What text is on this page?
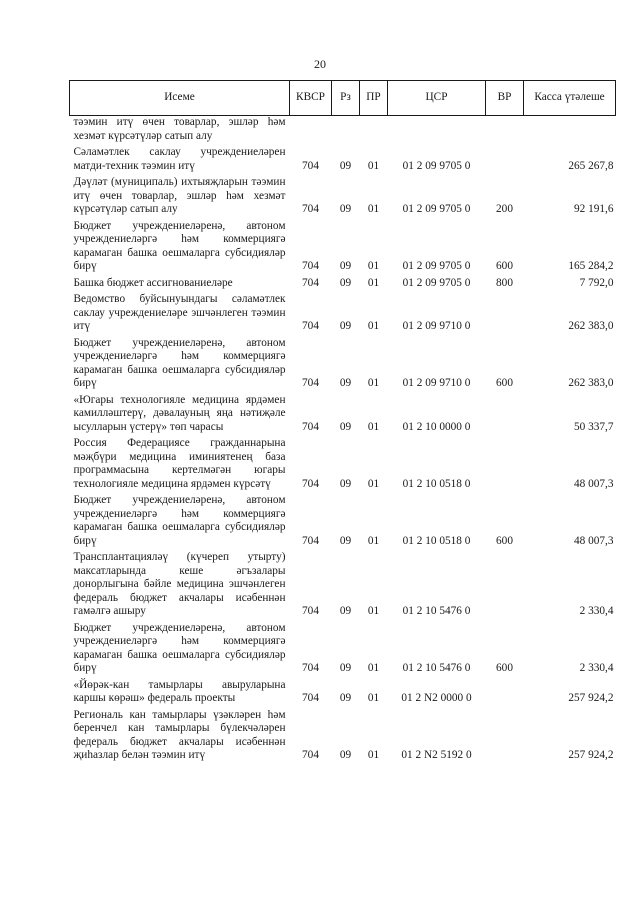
20
Исеме	КВСР	Рз	ПР	ЦСР	ВР	Касса үтәлеше
тәэмин итү өчен товарлар, эшләр һәм хезмәт күрсәтүләр сатып алу						
Сәламәтлек саклау учреждениеләрен матди-техник тәэмин итү	704	09	01	01 2 09 9705 0		265 267,8
Дәүләт (муниципаль) ихтыяҗларын тәэмин итү өчен товарлар, эшләр һәм хезмәт күрсәтүләр сатып алу	704	09	01	01 2 09 9705 0	200	92 191,6
Бюджет учреждениеләренә, автоном учреждениеләргә һәм коммерциягә карамаган башка оешмаларга субсидияләр бирү	704	09	01	01 2 09 9705 0	600	165 284,2
Башка бюджет ассигнованиеләре	704	09	01	01 2 09 9705 0	800	7 792,0
Ведомство буйсынуындагы сәламәтлек саклау учреждениеләре эшчәнлеген тәэмин итү	704	09	01	01 2 09 9710 0		262 383,0
Бюджет учреждениеләренә, автоном учреждениеләргә һәм коммерциягә карамаган башка оешмаларга субсидияләр бирү	704	09	01	01 2 09 9710 0	600	262 383,0
«Югары технологияле медицина ярдәмен камилләштерү, дәвалауның яңа нәтиҗәле ысулларын үстерү» төп чарасы	704	09	01	01 2 10 0000 0		50 337,7
Россия Федерациясе гражданнарына мәҗбүри медицина иминиятенең база программасына кертелмәгән югары технологияле медицина ярдәмен күрсәтү	704	09	01	01 2 10 0518 0		48 007,3
Бюджет учреждениеләренә, автоном учреждениеләргә һәм коммерциягә карамаган башка оешмаларга субсидияләр бирү	704	09	01	01 2 10 0518 0	600	48 007,3
Трансплантацияләү (күчереп утырту) максатларында кеше әгъзалары донорлыгына бәйле медицина эшчәнлеген федераль бюджет акчалары исәбеннән гамәлгә ашыру	704	09	01	01 2 10 5476 0		2 330,4
Бюджет учреждениеләренә, автоном учреждениеләргә һәм коммерциягә карамаган башка оешмаларга субсидияләр бирү	704	09	01	01 2 10 5476 0	600	2 330,4
«Йөрәк-кан тамырлары авыруларына каршы көрәш» федераль проекты	704	09	01	01 2 N2 0000 0		257 924,2
Региональ кан тамырлары үзәкләрен һәм беренчел кан тамырлары бүлекчәләрен федераль бюджет акчалары исәбеннән җиһазлар белән тәэмин итү	704	09	01	01 2 N2 5192 0		257 924,2
